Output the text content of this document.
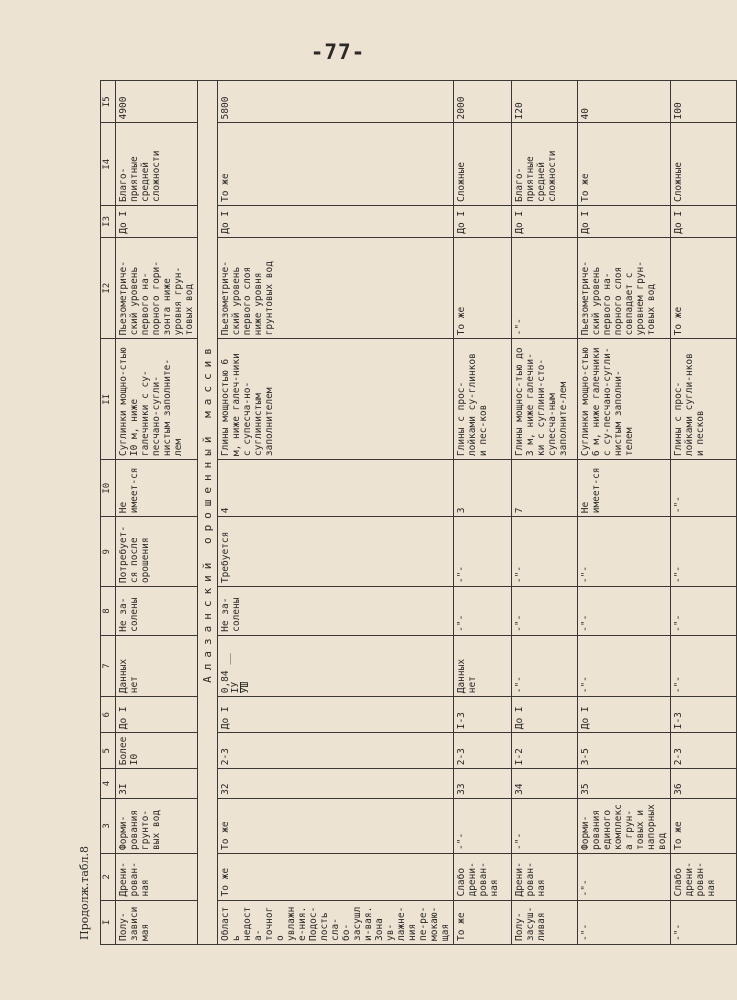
-77-
Продолж.табл.8 I	2	3	4	5	6	7	8	9	I0	II	I2	I3	I4	I5
Полу-зависимая	Дрени-рован-ная	Форми-рования грунто-вых вод	3I	Более I0	До I	Данных нет	Не за-солены	Потребует-ся после орошения	Не имеет-ся	Суглинки мощно-стью I0 м, ниже галечники с су-песчано-сугли-нистым заполните-лем	Пьезометриче-ский уровень первого на-порного гори-зонта ниже уровня грун-товых вод	До I	Благо-приятные средней сложности	4900
Алазанский орошенный массив														
Область недоста-точного увлажне-ния. Подос-лость сла-бо-засушли-вая. Зона ув-лажне-ния пе-ре-мокаю-щая	То же	То же	32	2-3	До I	0,84 __ IУ УШ	Не за-солены	Требуется	4	Глины мощностью 6 м, ниже галеч-ники с супесча-но-суглинистым заполнителем	Пьезометриче-ский уровень первого слоя ниже уровня грунтовых вод	До I	То же	5800
То же	Слабо дрени-рован-ная	-"-	33	2-3	I-3	Данных нет	-"-	-"-	3	Глины с прос-лойками су-глинков и пес-ков	То же	До I	Сложные	2000
Полу-засуш-ливая	Дрени-рован-ная	-"-	34	I-2	До I	-"-	-"-	-"-	7	Глины мощнос-тью до 3 м, ниже галечни-ки с суглини-сто-супесча-ным заполните-лем	-"-	До I	Благо-приятные средней сложности	I20
-"-	-"-	Форми-рования единого комплекса грун-товых и напорных вод	35	3-5	До I	-"-	-"-	-"-	Не имеет-ся	Суглинки мощно-стью 6 м, ниже галечники с су-песчано-сугли-нистым заполни-телем	Пьезометриче-ский уровень первого на-порного слоя совпадает с уровнем грун-товых вод	До I	То же	40
-"-	Слабо дрени-рован-ная	То же	36	2-3	I-3	-"-	-"-	-"-	-"-	Глины с прос-лойками сугли-нков и песков	То же	До I	Сложные	I00
